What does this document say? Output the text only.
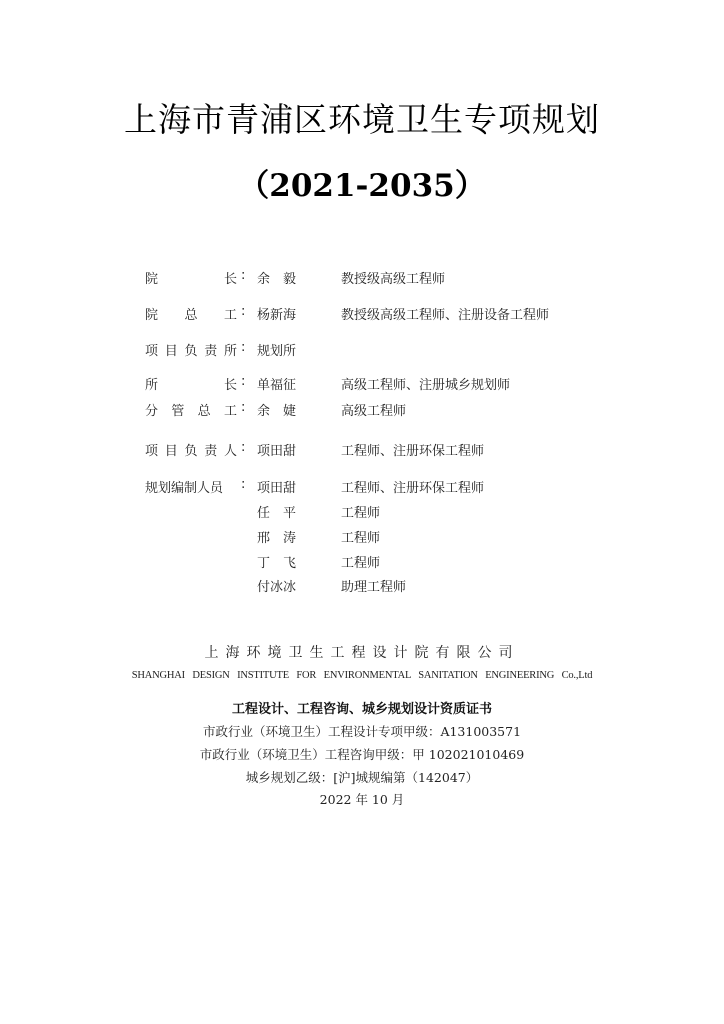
上海市青浦区环境卫生专项规划
（2021-2035）
院	长 : 余　毅	教授级高级工程师
院 总 工 : 杨新海	教授级高级工程师、注册设备工程师
项 目 负 责 所 : 规划所
所	长 : 单福征	高级工程师、注册城乡规划师
分 管 总 工 : 余　婕	高级工程师
项 目 负 责 人 : 项田甜	工程师、注册环保工程师
规划编制人员	: 项田甜	工程师、注册环保工程师
任　平	工程师
邢　涛	工程师
丁　飞	工程师
付冰冰	助理工程师
上海环境卫生工程设计院有限公司
SHANGHAI DESIGN INSTITUTE FOR ENVIRONMENTAL SANITATION ENGINEERING Co.,Ltd
工程设计、工程咨询、城乡规划设计资质证书
市政行业（环境卫生）工程设计专项甲级：A131003571
市政行业（环境卫生）工程咨询甲级：甲 102021010469
城乡规划乙级：[沪]城规编第（142047）
2022 年 10 月
